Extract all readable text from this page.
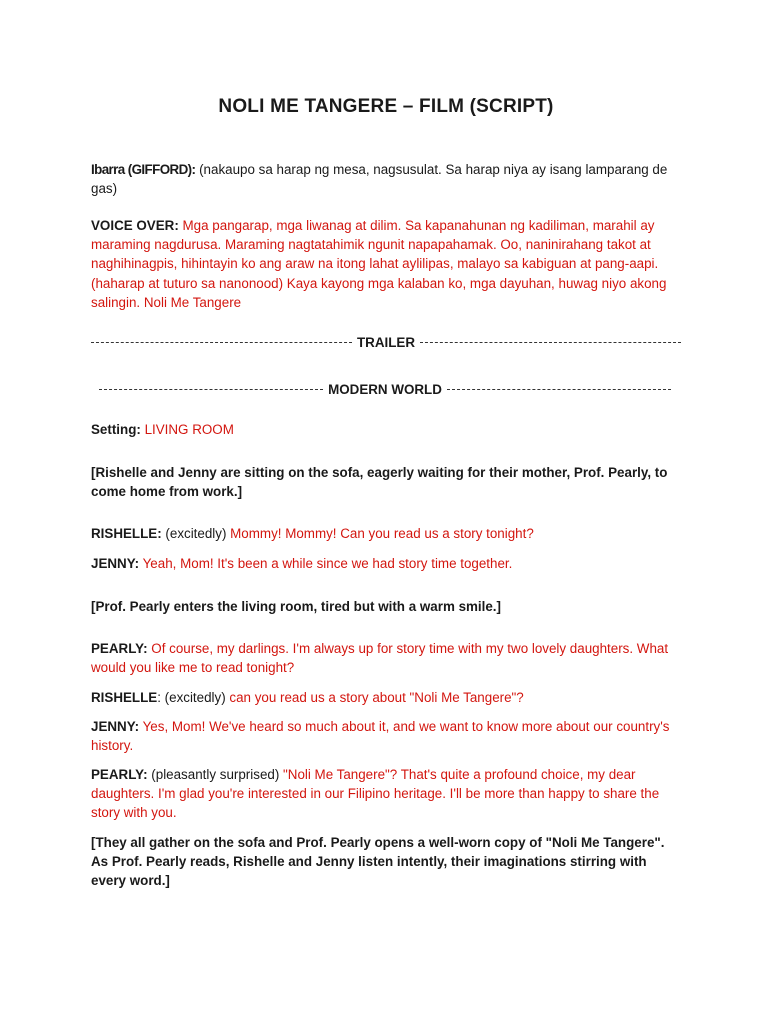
NOLI ME TANGERE – FILM (SCRIPT)
Ibarra (GIFFORD): (nakaupo sa harap ng mesa, nagsusulat. Sa harap niya ay isang lamparang de gas)
VOICE OVER: Mga pangarap, mga liwanag at dilim. Sa kapanahunan ng kadiliman, marahil ay maraming nagdurusa. Maraming nagtatahimik ngunit napapahamak. Oo, naninirahang takot at naghihinagpis, hihintayin ko ang araw na itong lahat aylilipas, malayo sa kabiguan at pang-aapi. (haharap at tuturo sa nanonood) Kaya kayong mga kalaban ko, mga dayuhan, huwag niyo akong salingin. Noli Me Tangere
TRAILER
MODERN WORLD
Setting: LIVING ROOM
[Rishelle and Jenny are sitting on the sofa, eagerly waiting for their mother, Prof. Pearly, to come home from work.]
RISHELLE: (excitedly) Mommy! Mommy! Can you read us a story tonight?
JENNY: Yeah, Mom! It's been a while since we had story time together.
[Prof. Pearly enters the living room, tired but with a warm smile.]
PEARLY: Of course, my darlings. I'm always up for story time with my two lovely daughters. What would you like me to read tonight?
RISHELLE: (excitedly) can you read us a story about "Noli Me Tangere"?
JENNY: Yes, Mom! We've heard so much about it, and we want to know more about our country's history.
PEARLY: (pleasantly surprised) "Noli Me Tangere"? That's quite a profound choice, my dear daughters. I'm glad you're interested in our Filipino heritage. I'll be more than happy to share the story with you.
[They all gather on the sofa and Prof. Pearly opens a well-worn copy of "Noli Me Tangere". As Prof. Pearly reads, Rishelle and Jenny listen intently, their imaginations stirring with every word.]
